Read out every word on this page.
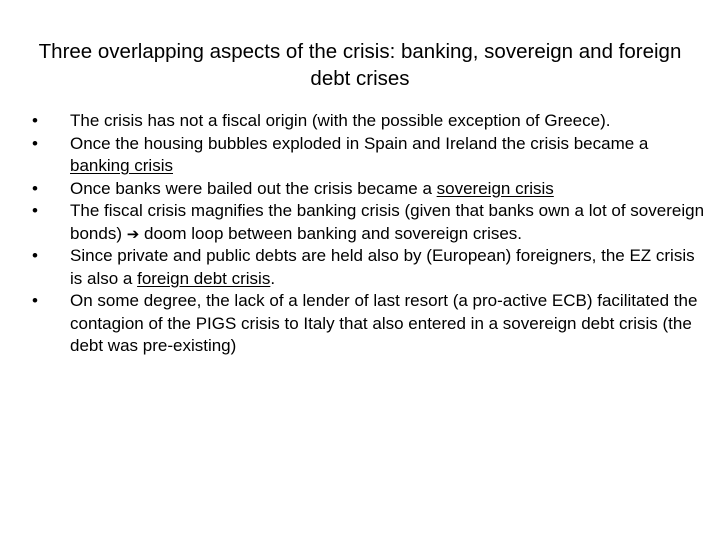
Three overlapping aspects of the crisis: banking, sovereign and foreign debt crises
• The crisis has not a fiscal origin (with the possible exception of Greece).
• Once the housing bubbles exploded in Spain and Ireland the crisis became a banking crisis
• Once banks were bailed out the crisis became a sovereign crisis
• The fiscal crisis magnifies the banking crisis (given that banks own a lot of sovereign bonds) ➔ doom loop between banking and sovereign crises.
• Since private and public debts are held also by (European) foreigners, the EZ crisis is also a foreign debt crisis.
• On some degree, the lack of a lender of last resort (a pro-active ECB) facilitated the contagion of the PIGS crisis to Italy that also entered in a sovereign debt crisis (the debt was pre-existing)
